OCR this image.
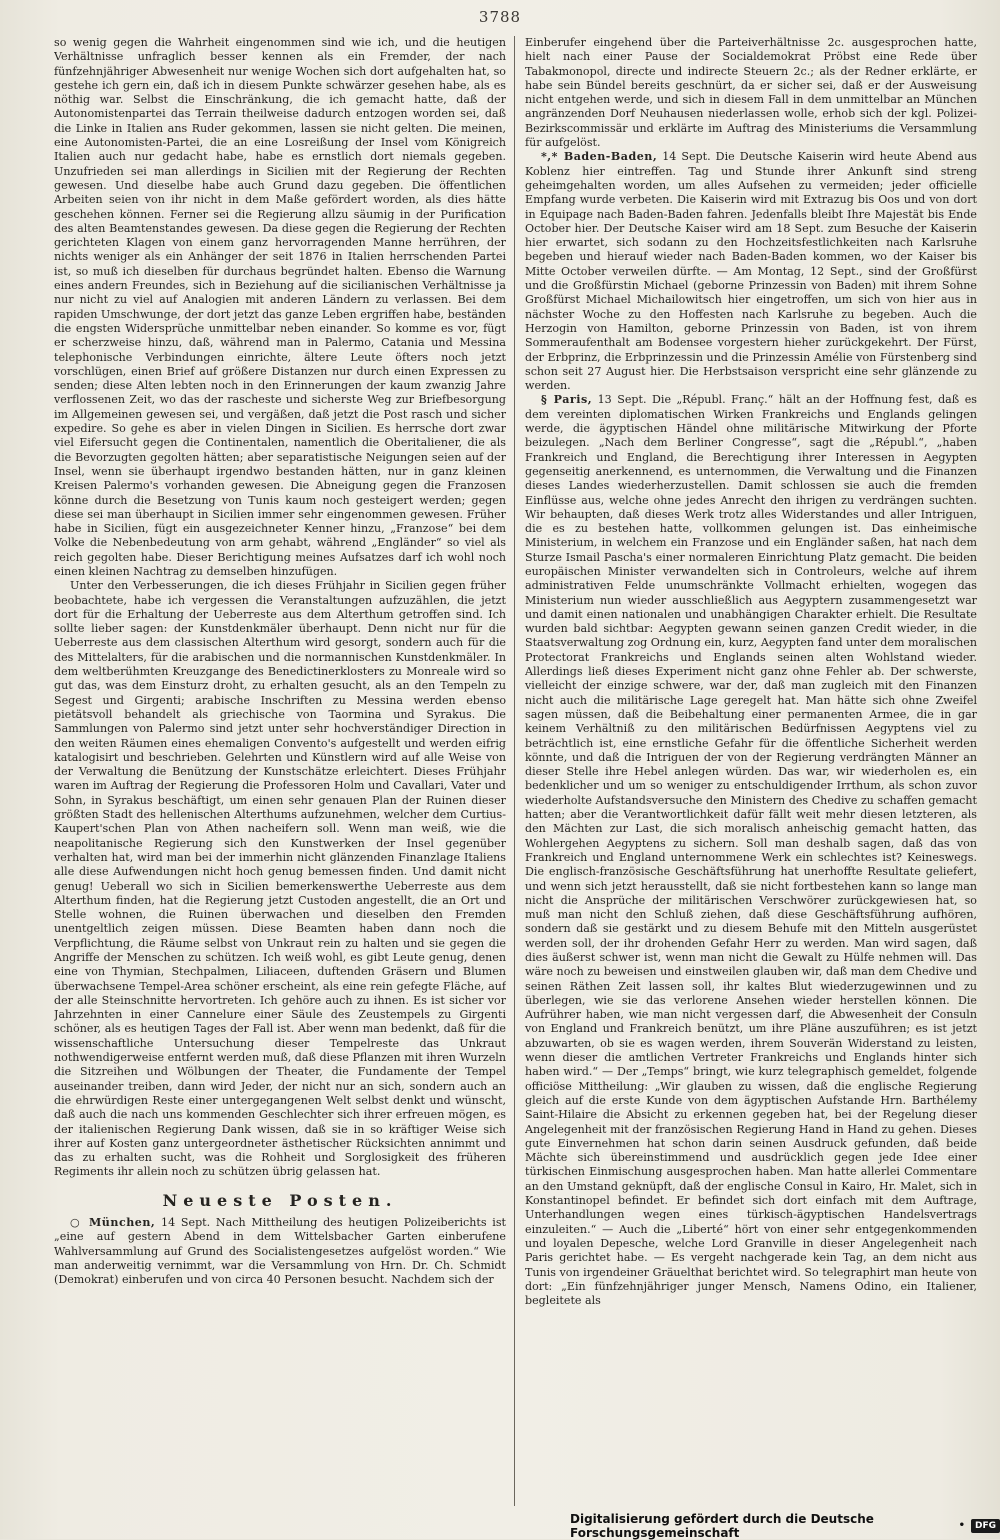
3788

so wenig gegen die Wahrheit eingenommen sind wie ich, und die heutigen Verhältnisse unfraglich besser kennen als ein Fremder, der nach fünfzehnjähriger Abwesenheit nur wenige Wochen sich dort aufgehalten hat, so gestehe ich gern ein, daß ich in diesem Punkte schwärzer gesehen habe, als es nöthig war. Selbst die Einschränkung, die ich gemacht hatte, daß der Autonomistenpartei das Terrain theilweise dadurch entzogen worden sei, daß die Linke in Italien ans Ruder gekommen, lassen sie nicht gelten. Die meinen, eine Autonomisten-Partei, die an eine Losreißung der Insel vom Königreich Italien auch nur gedacht habe, habe es ernstlich dort niemals gegeben. Unzufrieden sei man allerdings in Sicilien mit der Regierung der Rechten gewesen. Und dieselbe habe auch Grund dazu gegeben. Die öffentlichen Arbeiten seien von ihr nicht in dem Maße gefördert worden, als dies hätte geschehen können. Ferner sei die Regierung allzu säumig in der Purification des alten Beamtenstandes gewesen. Da diese gegen die Regierung der Rechten gerichteten Klagen von einem ganz hervorragenden Manne herrühren, der nichts weniger als ein Anhänger der seit 1876 in Italien herrschenden Partei ist, so muß ich dieselben für durchaus begründet halten. Ebenso die Warnung eines andern Freundes, sich in Beziehung auf die sicilianischen Verhältnisse ja nur nicht zu viel auf Analogien mit anderen Ländern zu verlassen. Bei dem rapiden Umschwunge, der dort jetzt das ganze Leben ergriffen habe, beständen die engsten Widersprüche unmittelbar neben einander. So komme es vor, fügt er scherzweise hinzu, daß, während man in Palermo, Catania und Messina telephonische Verbindungen einrichte, ältere Leute öfters noch jetzt vorschlügen, einen Brief auf größere Distanzen nur durch einen Expressen zu senden; diese Alten lebten noch in den Erinnerungen der kaum zwanzig Jahre verflossenen Zeit, wo das der rascheste und sicherste Weg zur Briefbesorgung im Allgemeinen gewesen sei, und vergäßen, daß jetzt die Post rasch und sicher expedire. So gehe es aber in vielen Dingen in Sicilien. Es herrsche dort zwar viel Eifersucht gegen die Continentalen, namentlich die Oberitaliener, die als die Bevorzugten gegolten hätten; aber separatistische Neigungen seien auf der Insel, wenn sie überhaupt irgendwo bestanden hätten, nur in ganz kleinen Kreisen Palermo's vorhanden gewesen. Die Abneigung gegen die Franzosen könne durch die Besetzung von Tunis kaum noch gesteigert werden; gegen diese sei man überhaupt in Sicilien immer sehr eingenommen gewesen. Früher habe in Sicilien, fügt ein ausgezeichneter Kenner hinzu, „Franzose“ bei dem Volke die Nebenbedeutung von arm gehabt, während „Engländer“ so viel als reich gegolten habe. Dieser Berichtigung meines Aufsatzes darf ich wohl noch einen kleinen Nachtrag zu demselben hinzufügen.

Unter den Verbesserungen, die ich dieses Frühjahr in Sicilien gegen früher beobachtete, habe ich vergessen die Veranstaltungen aufzuzählen, die jetzt dort für die Erhaltung der Ueberreste aus dem Alterthum getroffen sind. Ich sollte lieber sagen: der Kunstdenkmäler überhaupt. Denn nicht nur für die Ueberreste aus dem classischen Alterthum wird gesorgt, sondern auch für die des Mittelalters, für die arabischen und die normannischen Kunstdenkmäler. In dem weltberühmten Kreuzgange des Benedictinerklosters zu Monreale wird so gut das, was dem Einsturz droht, zu erhalten gesucht, als an den Tempeln zu Segest und Girgenti; arabische Inschriften zu Messina werden ebenso pietätsvoll behandelt als griechische von Taormina und Syrakus. Die Sammlungen von Palermo sind jetzt unter sehr hochverständiger Direction in den weiten Räumen eines ehemaligen Convento's aufgestellt und werden eifrig katalogisirt und beschrieben. Gelehrten und Künstlern wird auf alle Weise von der Verwaltung die Benützung der Kunstschätze erleichtert. Dieses Frühjahr waren im Auftrag der Regierung die Professoren Holm und Cavallari, Vater und Sohn, in Syrakus beschäftigt, um einen sehr genauen Plan der Ruinen dieser größten Stadt des hellenischen Alterthums aufzunehmen, welcher dem Curtius-Kaupert'schen Plan von Athen nacheifern soll. Wenn man weiß, wie die neapolitanische Regierung sich den Kunstwerken der Insel gegenüber verhalten hat, wird man bei der immerhin nicht glänzenden Finanzlage Italiens alle diese Aufwendungen nicht hoch genug bemessen finden. Und damit nicht genug! Ueberall wo sich in Sicilien bemerkenswerthe Ueberreste aus dem Alterthum finden, hat die Regierung jetzt Custoden angestellt, die an Ort und Stelle wohnen, die Ruinen überwachen und dieselben den Fremden unentgeltlich zeigen müssen. Diese Beamten haben dann noch die Verpflichtung, die Räume selbst von Unkraut rein zu halten und sie gegen die Angriffe der Menschen zu schützen. Ich weiß wohl, es gibt Leute genug, denen eine von Thymian, Stechpalmen, Liliaceen, duftenden Gräsern und Blumen überwachsene Tempel-Area schöner erscheint, als eine rein gefegte Fläche, auf der alle Steinschnitte hervortreten. Ich gehöre auch zu ihnen. Es ist sicher vor Jahrzehnten in einer Cannelure einer Säule des Zeustempels zu Girgenti schöner, als es heutigen Tages der Fall ist. Aber wenn man bedenkt, daß für die wissenschaftliche Untersuchung dieser Tempelreste das Unkraut nothwendigerweise entfernt werden muß, daß diese Pflanzen mit ihren Wurzeln die Sitzreihen und Wölbungen der Theater, die Fundamente der Tempel auseinander treiben, dann wird Jeder, der nicht nur an sich, sondern auch an die ehrwürdigen Reste einer untergegangenen Welt selbst denkt und wünscht, daß auch die nach uns kommenden Geschlechter sich ihrer erfreuen mögen, es der italienischen Regierung Dank wissen, daß sie in so kräftiger Weise sich ihrer auf Kosten ganz untergeordneter ästhetischer Rücksichten annimmt und das zu erhalten sucht, was die Rohheit und Sorglosigkeit des früheren Regiments ihr allein noch zu schützen übrig gelassen hat.

Neueste Posten.

○ München, 14 Sept. Nach Mittheilung des heutigen Polizeiberichts ist „eine auf gestern Abend in dem Wittelsbacher Garten einberufene Wahlversammlung auf Grund des Socialistengesetzes aufgelöst worden.“ Wie man anderweitig vernimmt, war die Versammlung von Hrn. Dr. Ch. Schmidt (Demokrat) einberufen und von circa 40 Personen besucht. Nachdem sich der

Einberufer eingehend über die Parteiverhältnisse 2c. ausgesprochen hatte, hielt nach einer Pause der Socialdemokrat Pröbst eine Rede über Tabakmonopol, directe und indirecte Steuern 2c.; als der Redner erklärte, er habe sein Bündel bereits geschnürt, da er sicher sei, daß er der Ausweisung nicht entgehen werde, und sich in diesem Fall in dem unmittelbar an München angränzenden Dorf Neuhausen niederlassen wolle, erhob sich der kgl. Polizei-Bezirkscommissär und erklärte im Auftrag des Ministeriums die Versammlung für aufgelöst.

*,* Baden-Baden, 14 Sept. Die Deutsche Kaiserin wird heute Abend aus Koblenz hier eintreffen. Tag und Stunde ihrer Ankunft sind streng geheimgehalten worden, um alles Aufsehen zu vermeiden; jeder officielle Empfang wurde verbeten. Die Kaiserin wird mit Extrazug bis Oos und von dort in Equipage nach Baden-Baden fahren. Jedenfalls bleibt Ihre Majestät bis Ende October hier. Der Deutsche Kaiser wird am 18 Sept. zum Besuche der Kaiserin hier erwartet, sich sodann zu den Hochzeitsfestlichkeiten nach Karlsruhe begeben und hierauf wieder nach Baden-Baden kommen, wo der Kaiser bis Mitte October verweilen dürfte. — Am Montag, 12 Sept., sind der Großfürst und die Großfürstin Michael (geborne Prinzessin von Baden) mit ihrem Sohne Großfürst Michael Michailowitsch hier eingetroffen, um sich von hier aus in nächster Woche zu den Hoffesten nach Karlsruhe zu begeben. Auch die Herzogin von Hamilton, geborne Prinzessin von Baden, ist von ihrem Sommeraufenthalt am Bodensee vorgestern hieher zurückgekehrt. Der Fürst, der Erbprinz, die Erbprinzessin und die Prinzessin Amélie von Fürstenberg sind schon seit 27 August hier. Die Herbstsaison verspricht eine sehr glänzende zu werden.

§ Paris, 13 Sept. Die „Républ. Franç.“ hält an der Hoffnung fest, daß es dem vereinten diplomatischen Wirken Frankreichs und Englands gelingen werde, die ägyptischen Händel ohne militärische Mitwirkung der Pforte beizulegen. „Nach dem Berliner Congresse“, sagt die „Républ.“, „haben Frankreich und England, die Berechtigung ihrer Interessen in Aegypten gegenseitig anerkennend, es unternommen, die Verwaltung und die Finanzen dieses Landes wiederherzustellen. Damit schlossen sie auch die fremden Einflüsse aus, welche ohne jedes Anrecht den ihrigen zu verdrängen suchten. Wir behaupten, daß dieses Werk trotz alles Widerstandes und aller Intriguen, die es zu bestehen hatte, vollkommen gelungen ist. Das einheimische Ministerium, in welchem ein Franzose und ein Engländer saßen, hat nach dem Sturze Ismail Pascha's einer normaleren Einrichtung Platz gemacht. Die beiden europäischen Minister verwandelten sich in Controleurs, welche auf ihrem administrativen Felde unumschränkte Vollmacht erhielten, wogegen das Ministerium nun wieder ausschließlich aus Aegyptern zusammengesetzt war und damit einen nationalen und unabhängigen Charakter erhielt. Die Resultate wurden bald sichtbar: Aegypten gewann seinen ganzen Credit wieder, in die Staatsverwaltung zog Ordnung ein, kurz, Aegypten fand unter dem moralischen Protectorat Frankreichs und Englands seinen alten Wohlstand wieder. Allerdings ließ dieses Experiment nicht ganz ohne Fehler ab. Der schwerste, vielleicht der einzige schwere, war der, daß man zugleich mit den Finanzen nicht auch die militärische Lage geregelt hat. Man hätte sich ohne Zweifel sagen müssen, daß die Beibehaltung einer permanenten Armee, die in gar keinem Verhältniß zu den militärischen Bedürfnissen Aegyptens viel zu beträchtlich ist, eine ernstliche Gefahr für die öffentliche Sicherheit werden könnte, und daß die Intriguen der von der Regierung verdrängten Männer an dieser Stelle ihre Hebel anlegen würden. Das war, wir wiederholen es, ein bedenklicher und um so weniger zu entschuldigender Irrthum, als schon zuvor wiederholte Aufstandsversuche den Ministern des Chedive zu schaffen gemacht hatten; aber die Verantwortlichkeit dafür fällt weit mehr diesen letzteren, als den Mächten zur Last, die sich moralisch anheischig gemacht hatten, das Wohlergehen Aegyptens zu sichern. Soll man deshalb sagen, daß das von Frankreich und England unternommene Werk ein schlechtes ist? Keineswegs. Die englisch-französische Geschäftsführung hat unerhoffte Resultate geliefert, und wenn sich jetzt herausstellt, daß sie nicht fortbestehen kann so lange man nicht die Ansprüche der militärischen Verschwörer zurückgewiesen hat, so muß man nicht den Schluß ziehen, daß diese Geschäftsführung aufhören, sondern daß sie gestärkt und zu diesem Behufe mit den Mitteln ausgerüstet werden soll, der ihr drohenden Gefahr Herr zu werden. Man wird sagen, daß dies äußerst schwer ist, wenn man nicht die Gewalt zu Hülfe nehmen will. Das wäre noch zu beweisen und einstweilen glauben wir, daß man dem Chedive und seinen Räthen Zeit lassen soll, ihr kaltes Blut wiederzugewinnen und zu überlegen, wie sie das verlorene Ansehen wieder herstellen können. Die Aufrührer haben, wie man nicht vergessen darf, die Abwesenheit der Consuln von England und Frankreich benützt, um ihre Pläne auszuführen; es ist jetzt abzuwarten, ob sie es wagen werden, ihrem Souverän Widerstand zu leisten, wenn dieser die amtlichen Vertreter Frankreichs und Englands hinter sich haben wird.“ — Der „Temps“ bringt, wie kurz telegraphisch gemeldet, folgende officiöse Mittheilung: „Wir glauben zu wissen, daß die englische Regierung gleich auf die erste Kunde von dem ägyptischen Aufstande Hrn. Barthélemy Saint-Hilaire die Absicht zu erkennen gegeben hat, bei der Regelung dieser Angelegenheit mit der französischen Regierung Hand in Hand zu gehen. Dieses gute Einvernehmen hat schon darin seinen Ausdruck gefunden, daß beide Mächte sich übereinstimmend und ausdrücklich gegen jede Idee einer türkischen Einmischung ausgesprochen haben. Man hatte allerlei Commentare an den Umstand geknüpft, daß der englische Consul in Kairo, Hr. Malet, sich in Konstantinopel befindet. Er befindet sich dort einfach mit dem Auftrage, Unterhandlungen wegen eines türkisch-ägyptischen Handelsvertrags einzuleiten.“ — Auch die „Liberté“ hört von einer sehr entgegenkommenden und loyalen Depesche, welche Lord Granville in dieser Angelegenheit nach Paris gerichtet habe. — Es vergeht nachgerade kein Tag, an dem nicht aus Tunis von irgendeiner Gräuelthat berichtet wird. So telegraphirt man heute von dort: „Ein fünfzehnjähriger junger Mensch, Namens Odino, ein Italiener, begleitete als

Digitalisierung gefördert durch die Deutsche Forschungsgemeinschaft	•	DFG
